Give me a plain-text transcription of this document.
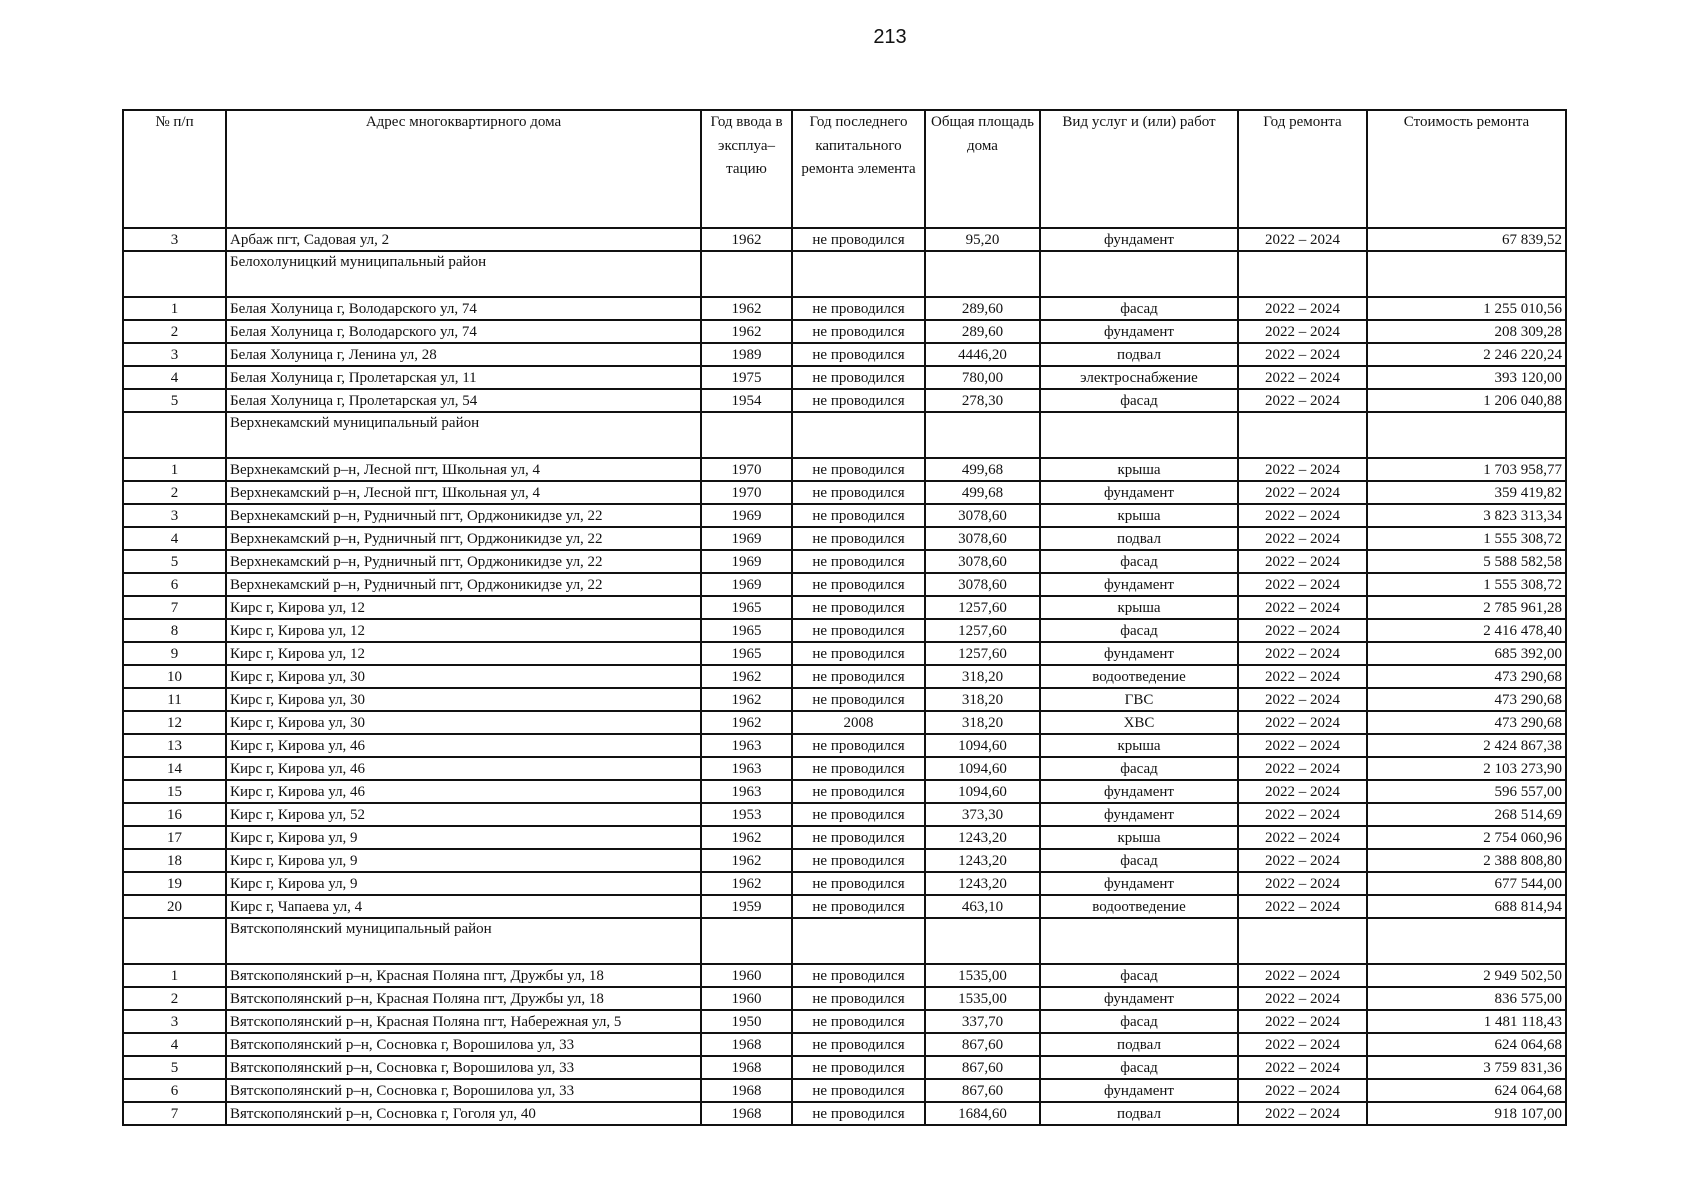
213
№ п/п	Адрес многоквартирного дома	Год ввода в эксплуа–тацию	Год последнего капитального ремонта элемента	Общая площадь дома	Вид услуг и (или) работ	Год ремонта	Стоимость ремонта
3	Арбаж пгт, Садовая ул, 2	1962	не проводился	95,20	фундамент	2022 – 2024	67 839,52
	Белохолуницкий муниципальный район						
1	Белая Холуница г, Володарского ул, 74	1962	не проводился	289,60	фасад	2022 – 2024	1 255 010,56
2	Белая Холуница г, Володарского ул, 74	1962	не проводился	289,60	фундамент	2022 – 2024	208 309,28
3	Белая Холуница г, Ленина ул, 28	1989	не проводился	4446,20	подвал	2022 – 2024	2 246 220,24
4	Белая Холуница г, Пролетарская ул, 11	1975	не проводился	780,00	электроснабжение	2022 – 2024	393 120,00
5	Белая Холуница г, Пролетарская ул, 54	1954	не проводился	278,30	фасад	2022 – 2024	1 206 040,88
	Верхнекамский муниципальный район						
1	Верхнекамский р–н, Лесной пгт, Школьная ул, 4	1970	не проводился	499,68	крыша	2022 – 2024	1 703 958,77
2	Верхнекамский р–н, Лесной пгт, Школьная ул, 4	1970	не проводился	499,68	фундамент	2022 – 2024	359 419,82
3	Верхнекамский р–н, Рудничный пгт, Орджоникидзе ул, 22	1969	не проводился	3078,60	крыша	2022 – 2024	3 823 313,34
4	Верхнекамский р–н, Рудничный пгт, Орджоникидзе ул, 22	1969	не проводился	3078,60	подвал	2022 – 2024	1 555 308,72
5	Верхнекамский р–н, Рудничный пгт, Орджоникидзе ул, 22	1969	не проводился	3078,60	фасад	2022 – 2024	5 588 582,58
6	Верхнекамский р–н, Рудничный пгт, Орджоникидзе ул, 22	1969	не проводился	3078,60	фундамент	2022 – 2024	1 555 308,72
7	Кирс г, Кирова ул, 12	1965	не проводился	1257,60	крыша	2022 – 2024	2 785 961,28
8	Кирс г, Кирова ул, 12	1965	не проводился	1257,60	фасад	2022 – 2024	2 416 478,40
9	Кирс г, Кирова ул, 12	1965	не проводился	1257,60	фундамент	2022 – 2024	685 392,00
10	Кирс г, Кирова ул, 30	1962	не проводился	318,20	водоотведение	2022 – 2024	473 290,68
11	Кирс г, Кирова ул, 30	1962	не проводился	318,20	ГВС	2022 – 2024	473 290,68
12	Кирс г, Кирова ул, 30	1962	2008	318,20	ХВС	2022 – 2024	473 290,68
13	Кирс г, Кирова ул, 46	1963	не проводился	1094,60	крыша	2022 – 2024	2 424 867,38
14	Кирс г, Кирова ул, 46	1963	не проводился	1094,60	фасад	2022 – 2024	2 103 273,90
15	Кирс г, Кирова ул, 46	1963	не проводился	1094,60	фундамент	2022 – 2024	596 557,00
16	Кирс г, Кирова ул, 52	1953	не проводился	373,30	фундамент	2022 – 2024	268 514,69
17	Кирс г, Кирова ул, 9	1962	не проводился	1243,20	крыша	2022 – 2024	2 754 060,96
18	Кирс г, Кирова ул, 9	1962	не проводился	1243,20	фасад	2022 – 2024	2 388 808,80
19	Кирс г, Кирова ул, 9	1962	не проводился	1243,20	фундамент	2022 – 2024	677 544,00
20	Кирс г, Чапаева ул, 4	1959	не проводился	463,10	водоотведение	2022 – 2024	688 814,94
	Вятскополянский муниципальный район						
1	Вятскополянский р–н, Красная Поляна пгт, Дружбы ул, 18	1960	не проводился	1535,00	фасад	2022 – 2024	2 949 502,50
2	Вятскополянский р–н, Красная Поляна пгт, Дружбы ул, 18	1960	не проводился	1535,00	фундамент	2022 – 2024	836 575,00
3	Вятскополянский р–н, Красная Поляна пгт, Набережная ул, 5	1950	не проводился	337,70	фасад	2022 – 2024	1 481 118,43
4	Вятскополянский р–н, Сосновка г, Ворошилова ул, 33	1968	не проводился	867,60	подвал	2022 – 2024	624 064,68
5	Вятскополянский р–н, Сосновка г, Ворошилова ул, 33	1968	не проводился	867,60	фасад	2022 – 2024	3 759 831,36
6	Вятскополянский р–н, Сосновка г, Ворошилова ул, 33	1968	не проводился	867,60	фундамент	2022 – 2024	624 064,68
7	Вятскополянский р–н, Сосновка г, Гоголя ул, 40	1968	не проводился	1684,60	подвал	2022 – 2024	918 107,00
